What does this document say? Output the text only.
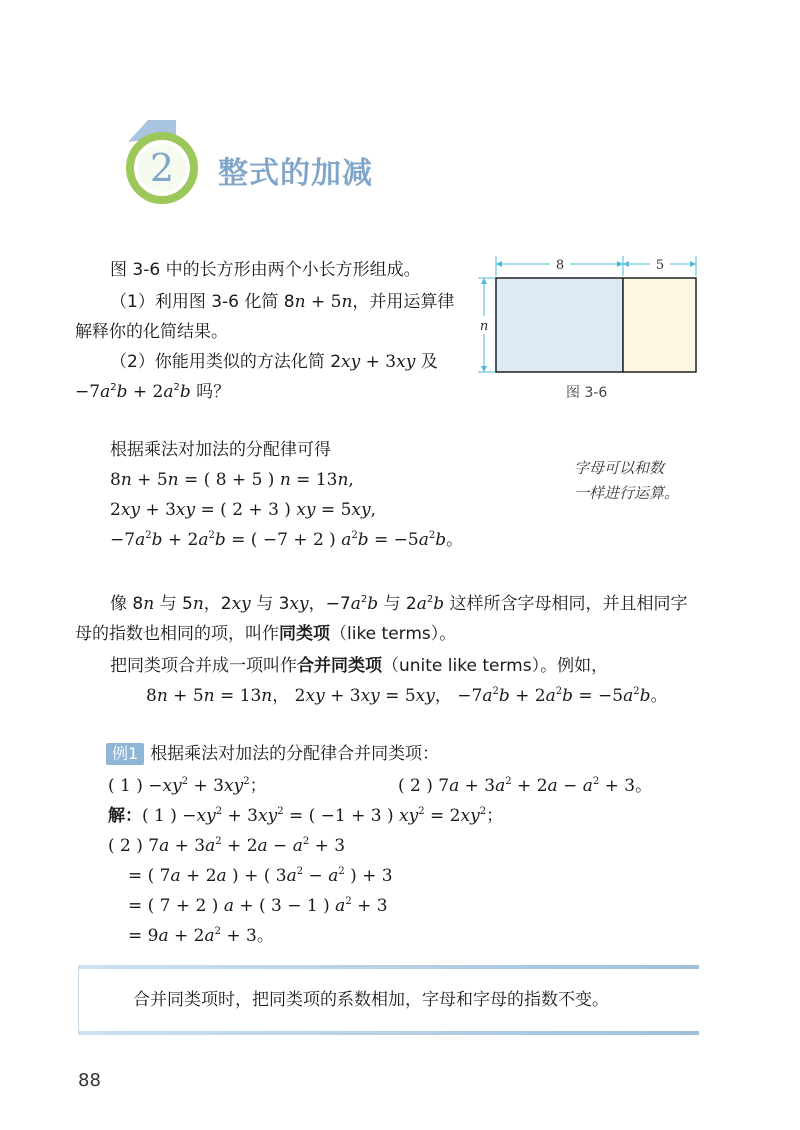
2 整式的加减
8	5
n
图 3-6
图 3-6 中的长方形由两个小长方形组成。
（1）利用图 3-6 化简 8n + 5n，并用运算律
解释你的化简结果。
（2）你能用类似的方法化简 2xy + 3xy 及
$-7a^2b + 2a^2b$ 吗？
根据乘法对加法的分配律可得
8n + 5n = ( 8 + 5 ) n = 13n,
2xy + 3xy = ( 2 + 3 ) xy = 5xy,
$-7a^2b + 2a^2b$ = ( −7 + 2 ) $a^2b = -5a^2b$。
字母可以和数
一样进行运算。
像 8n 与 5n，2xy 与 3xy，$-7a^2b$ 与 $2a^2b$ 这样所含字母相同，并且相同字
母的指数也相同的项，叫作同类项（like terms）。
把同类项合并成一项叫作合并同类项（unite like terms）。例如，
8n + 5n = 13n， 2xy + 3xy = 5xy， $-7a^2b + 2a^2b = -5a^2b$。
例1 根据乘法对加法的分配律合并同类项：
( 1 ) $-xy^2 + 3xy^2$；	( 2 ) $7a + 3a^2 + 2a - a^2 + 3$。
解：( 1 ) $-xy^2 + 3xy^2$ = ( −1 + 3 ) $xy^2 = 2xy^2$；
( 2 ) $7a + 3a^2 + 2a - a^2 + 3$
= ( 7a + 2a ) + ( $3a^2 - a^2$ ) + 3
= ( 7 + 2 ) a + ( 3 − 1 ) $a^2 + 3$
= $9a + 2a^2 + 3$。
合并同类项时，把同类项的系数相加，字母和字母的指数不变。
88
